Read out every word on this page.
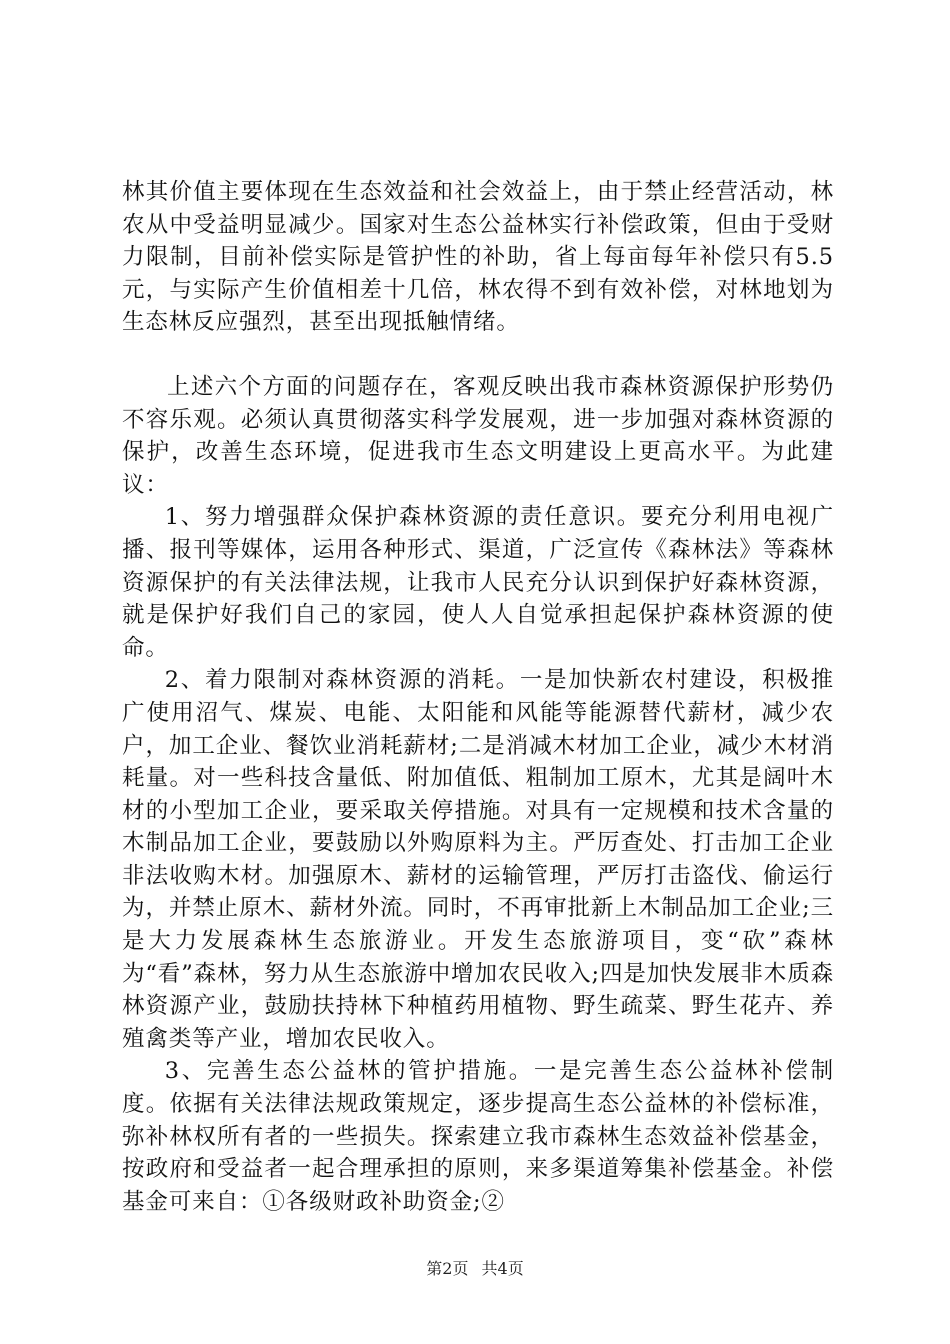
林其价值主要体现在生态效益和社会效益上，由于禁止经营活动，林农从中受益明显减少。国家对生态公益林实行补偿政策，但由于受财力限制，目前补偿实际是管护性的补助，省上每亩每年补偿只有5.5元，与实际产生价值相差十几倍，林农得不到有效补偿，对林地划为生态林反应强烈，甚至出现抵触情绪。

上述六个方面的问题存在，客观反映出我市森林资源保护形势仍不容乐观。必须认真贯彻落实科学发展观，进一步加强对森林资源的保护，改善生态环境，促进我市生态文明建设上更高水平。为此建议：

1、努力增强群众保护森林资源的责任意识。要充分利用电视广播、报刊等媒体，运用各种形式、渠道，广泛宣传《森林法》等森林资源保护的有关法律法规，让我市人民充分认识到保护好森林资源，就是保护好我们自己的家园，使人人自觉承担起保护森林资源的使命。

2、着力限制对森林资源的消耗。一是加快新农村建设，积极推广使用沼气、煤炭、电能、太阳能和风能等能源替代薪材，减少农户，加工企业、餐饮业消耗薪材;二是消减木材加工企业，减少木材消耗量。对一些科技含量低、附加值低、粗制加工原木，尤其是阔叶木材的小型加工企业，要采取关停措施。对具有一定规模和技术含量的木制品加工企业，要鼓励以外购原料为主。严厉查处、打击加工企业非法收购木材。加强原木、薪材的运输管理，严厉打击盗伐、偷运行为，并禁止原木、薪材外流。同时，不再审批新上木制品加工企业;三是大力发展森林生态旅游业。开发生态旅游项目，变“砍”森林为“看”森林，努力从生态旅游中增加农民收入;四是加快发展非木质森林资源产业，鼓励扶持林下种植药用植物、野生疏菜、野生花卉、养殖禽类等产业，增加农民收入。

3、完善生态公益林的管护措施。一是完善生态公益林补偿制度。依据有关法律法规政策规定，逐步提高生态公益林的补偿标准，弥补林权所有者的一些损失。探索建立我市森林生态效益补偿基金，按政府和受益者一起合理承担的原则，来多渠道筹集补偿基金。补偿基金可来自：①各级财政补助资金;②

第2页 共4页
